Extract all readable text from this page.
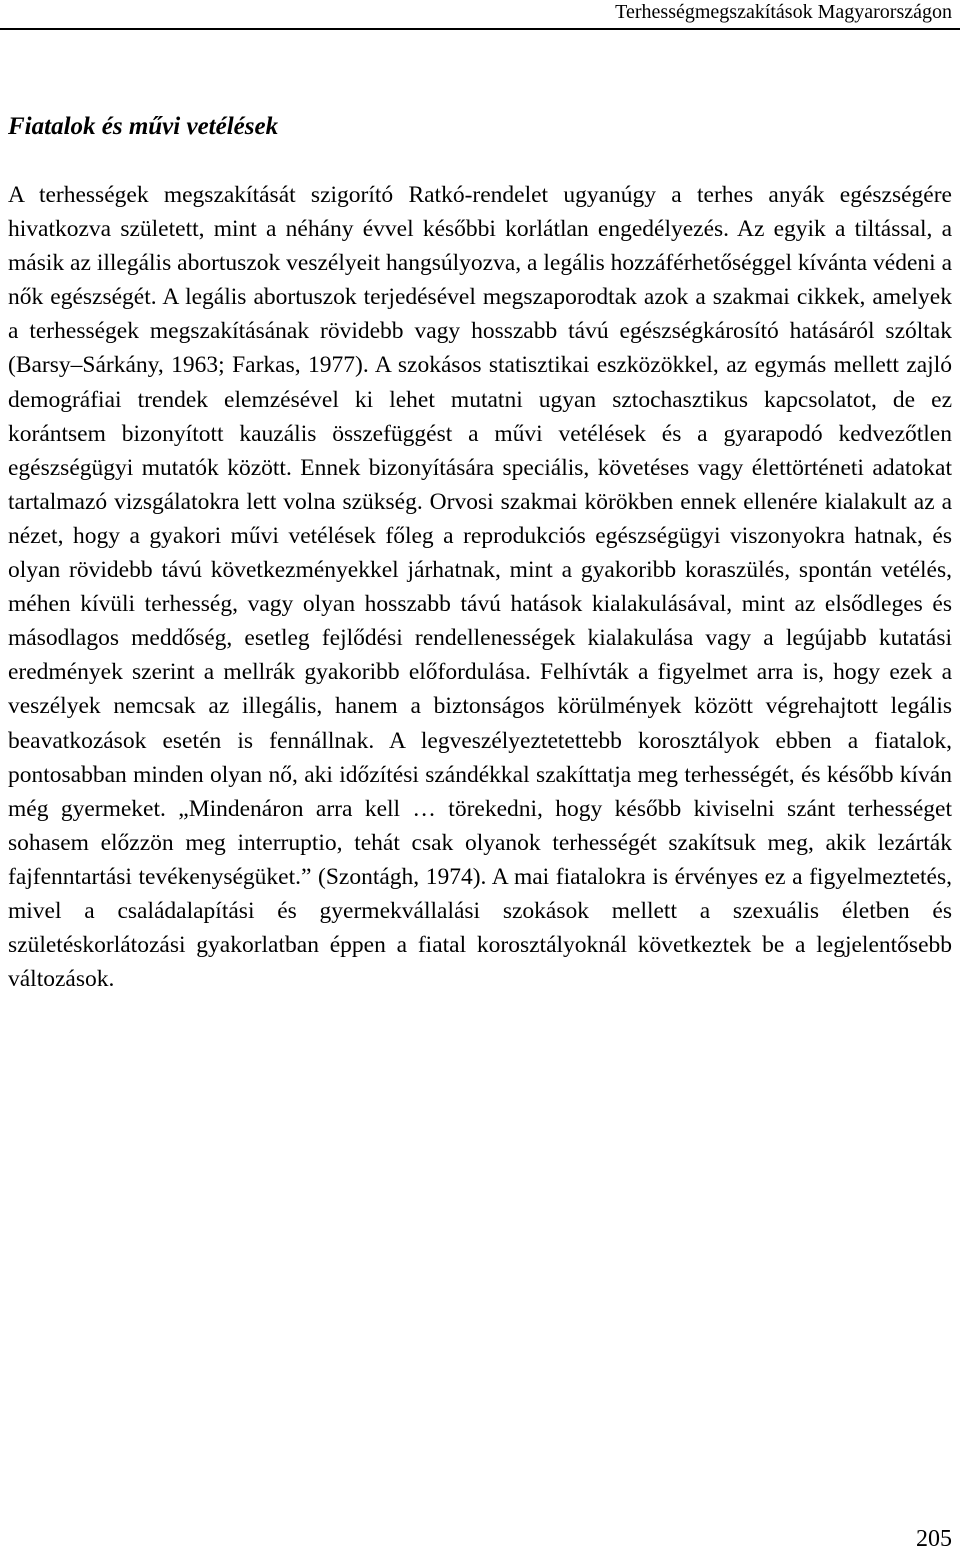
Terhességmegszakítások Magyarországon
Fiatalok és művi vetélések

A terhességek megszakítását szigorító Ratkó-rendelet ugyanúgy a terhes anyák egészségére hivatkozva született, mint a néhány évvel későbbi korlátlan engedélyezés. Az egyik a tiltással, a másik az illegális abortuszok veszélyeit hangsúlyozva, a legális hozzáférhetőséggel kívánta védeni a nők egészségét. A legális abortuszok terjedésével megszaporodtak azok a szakmai cikkek, amelyek a terhességek megszakításának rövidebb vagy hosszabb távú egészségkárosító hatásáról szóltak (Barsy–Sárkány, 1963; Farkas, 1977). A szokásos statisztikai eszközökkel, az egymás mellett zajló demográfiai trendek elemzésével ki lehet mutatni ugyan sztochasztikus kapcsolatot, de ez korántsem bizonyított kauzális összefüggést a művi vetélések és a gyarapodó kedvezőtlen egészségügyi mutatók között. Ennek bizonyítására speciális, követéses vagy élettörténeti adatokat tartalmazó vizsgálatokra lett volna szükség. Orvosi szakmai körökben ennek ellenére kialakult az a nézet, hogy a gyakori művi vetélések főleg a reprodukciós egészségügyi viszonyokra hatnak, és olyan rövidebb távú következményekkel járhatnak, mint a gyakoribb koraszülés, spontán vetélés, méhen kívüli terhesség, vagy olyan hosszabb távú hatások kialakulásával, mint az elsődleges és másodlagos meddőség, esetleg fejlődési rendellenességek kialakulása vagy a legújabb kutatási eredmények szerint a mellrák gyakoribb előfordulása. Felhívták a figyelmet arra is, hogy ezek a veszélyek nemcsak az illegális, hanem a biztonságos körülmények között végrehajtott legális beavatkozások esetén is fennállnak. A legveszélyeztetettebb korosztályok ebben a fiatalok, pontosabban minden olyan nő, aki időzítési szándékkal szakíttatja meg terhességét, és később kíván még gyermeket. „Mindenáron arra kell … törekedni, hogy később kiviselni szánt terhességet sohasem előzzön meg interruptio, tehát csak olyanok terhességét szakítsuk meg, akik lezárták fajfenntartási tevékenységüket.” (Szontágh, 1974). A mai fiatalokra is érvényes ez a figyelmeztetés, mivel a családalapítási és gyermekvállalási szokások mellett a szexuális életben és születéskorlátozási gyakorlatban éppen a fiatal korosztályoknál következtek be a legjelentősebb változások.

205
